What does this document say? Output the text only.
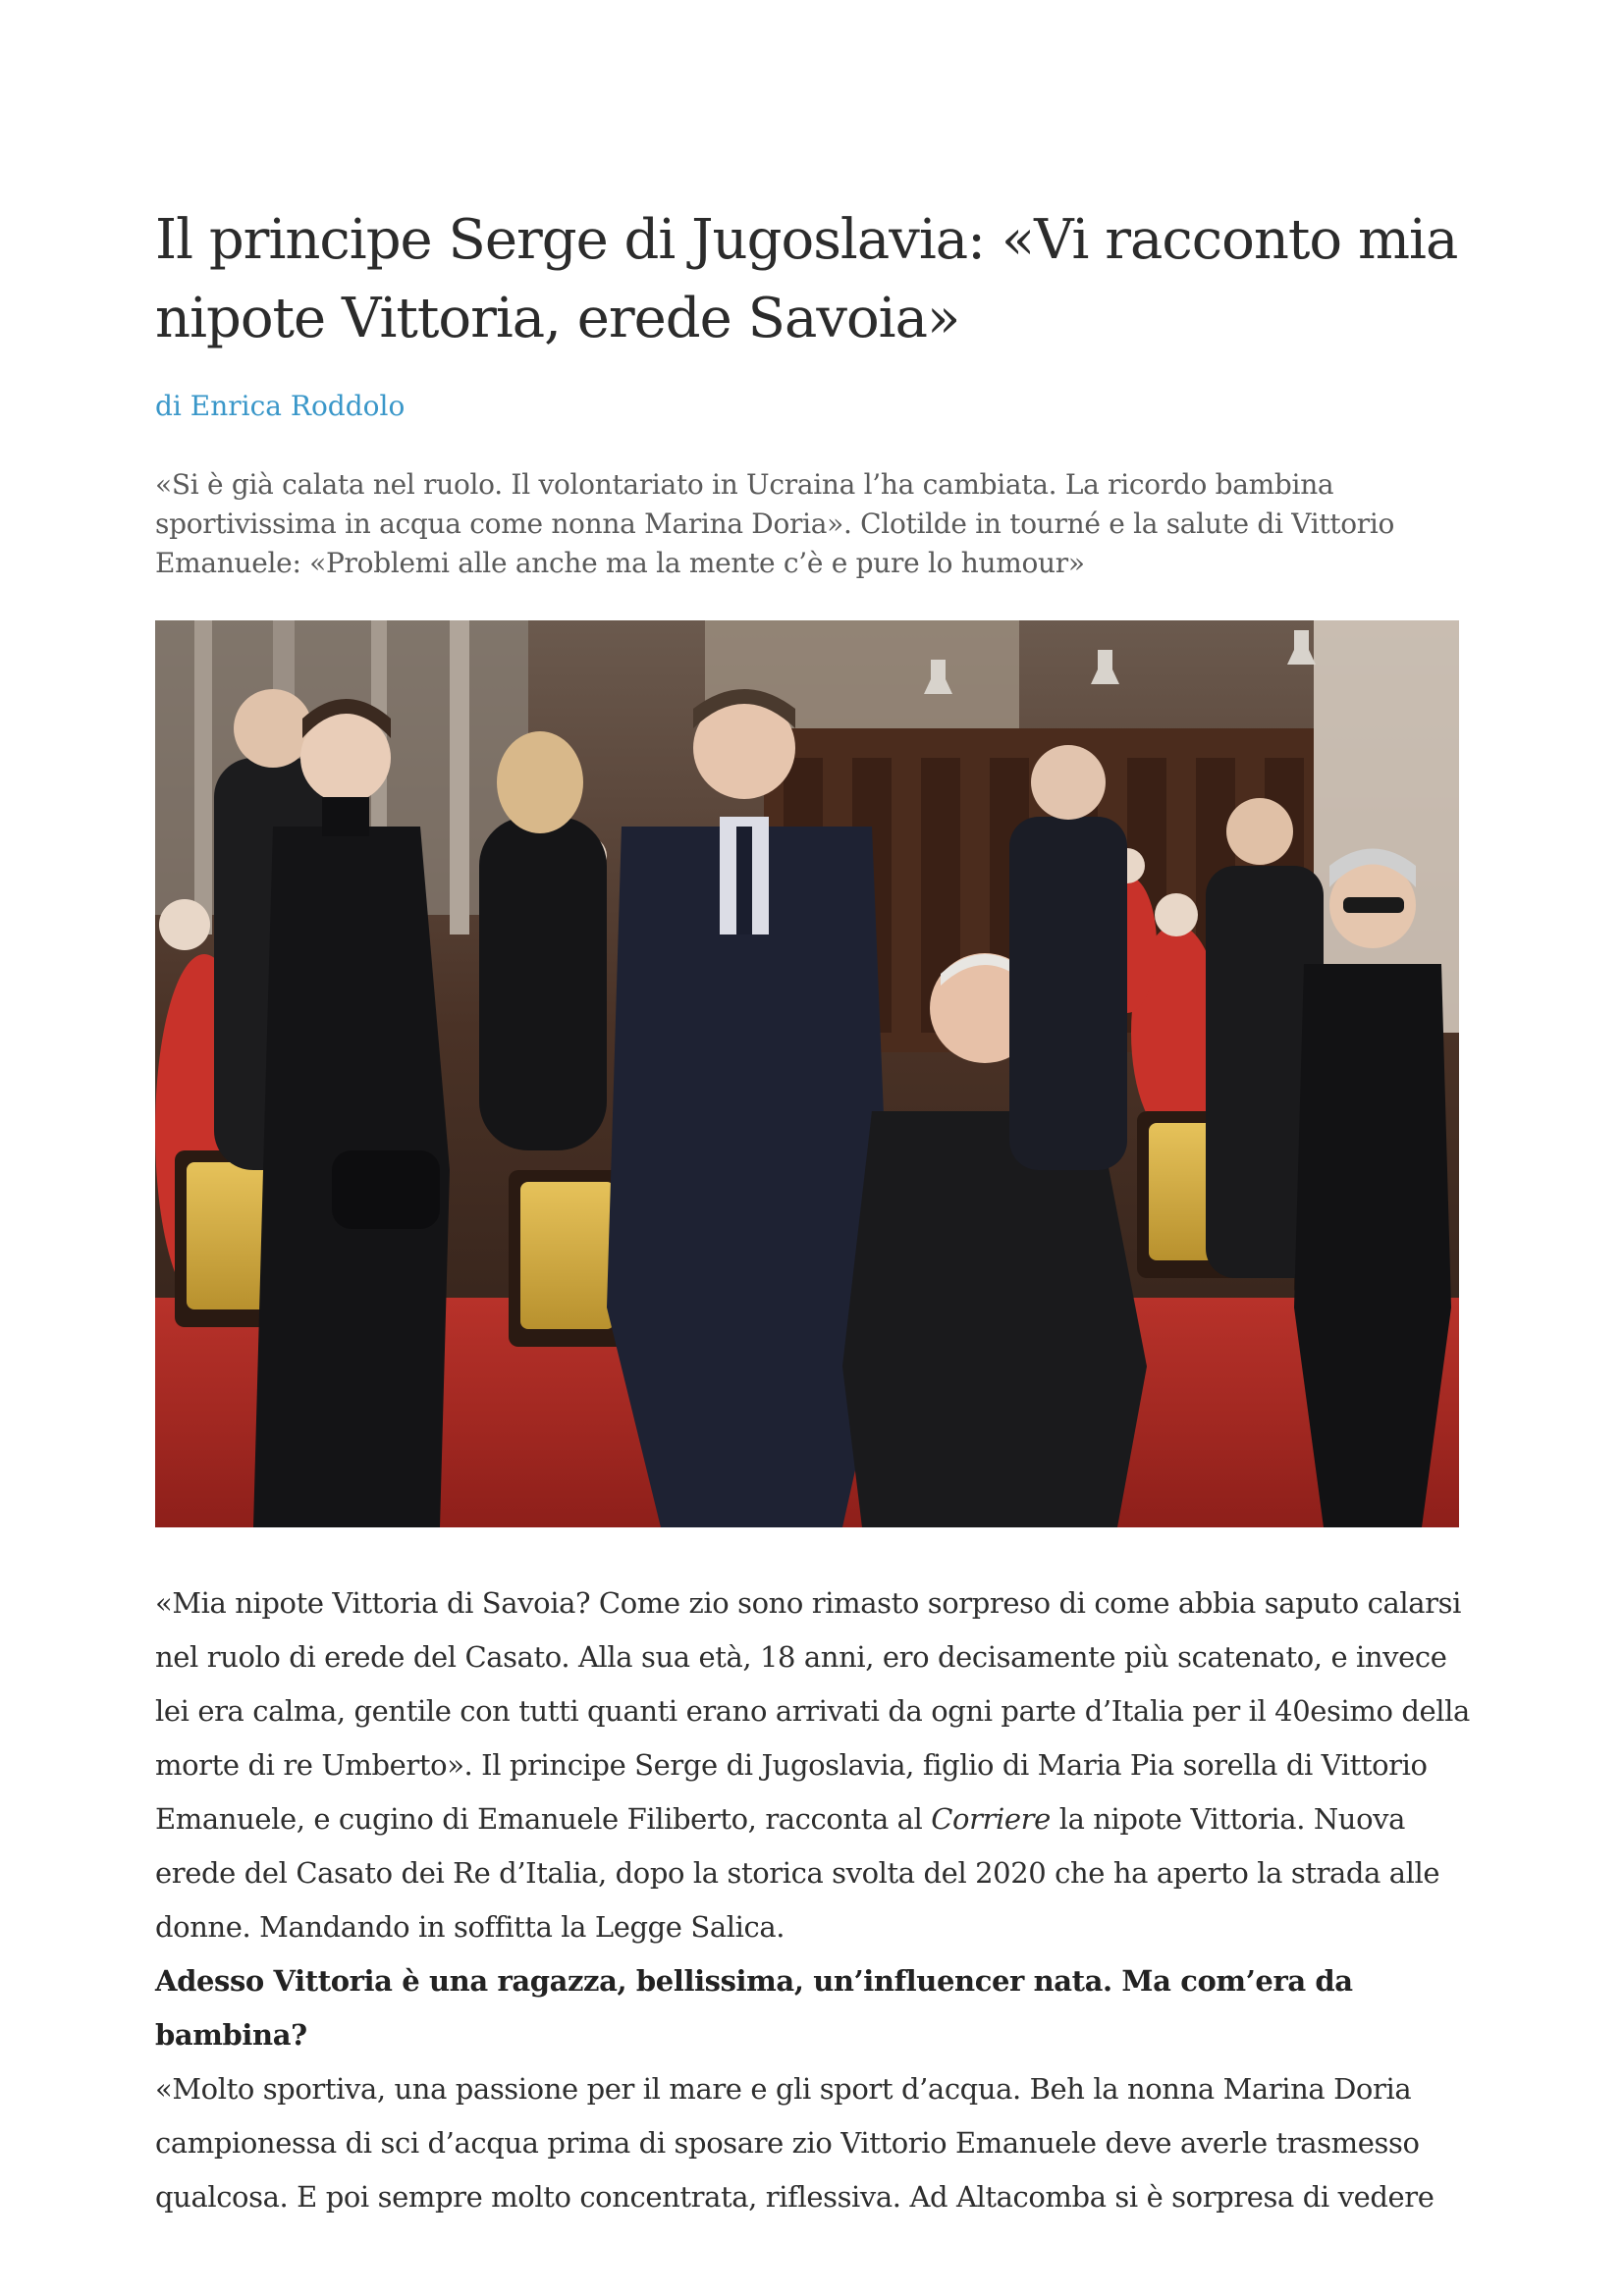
Il principe Serge di Jugoslavia: «Vi racconto mia nipote Vittoria, erede Savoia»
di Enrica Roddolo

«Si è già calata nel ruolo. Il volontariato in Ucraina l’ha cambiata. La ricordo bambina sportivissima in acqua come nonna Marina Doria». Clotilde in tourné e la salute di Vittorio Emanuele: «Problemi alle anche ma la mente c’è e pure lo humour»

«Mia nipote Vittoria di Savoia? Come zio sono rimasto sorpreso di come abbia saputo calarsi nel ruolo di erede del Casato. Alla sua età, 18 anni, ero decisamente più scatenato, e invece lei era calma, gentile con tutti quanti erano arrivati da ogni parte d’Italia per il 40esimo della morte di re Umberto». Il principe Serge di Jugoslavia, figlio di Maria Pia sorella di Vittorio Emanuele, e cugino di Emanuele Filiberto, racconta al Corriere la nipote Vittoria. Nuova erede del Casato dei Re d’Italia, dopo la storica svolta del 2020 che ha aperto la strada alle donne. Mandando in soffitta la Legge Salica.

Adesso Vittoria è una ragazza, bellissima, un’influencer nata. Ma com’era da bambina?

«Molto sportiva, una passione per il mare e gli sport d’acqua. Beh la nonna Marina Doria campionessa di sci d’acqua prima di sposare zio Vittorio Emanuele deve averle trasmesso qualcosa. E poi sempre molto concentrata, riflessiva. Ad Altacomba si è sorpresa di vedere
